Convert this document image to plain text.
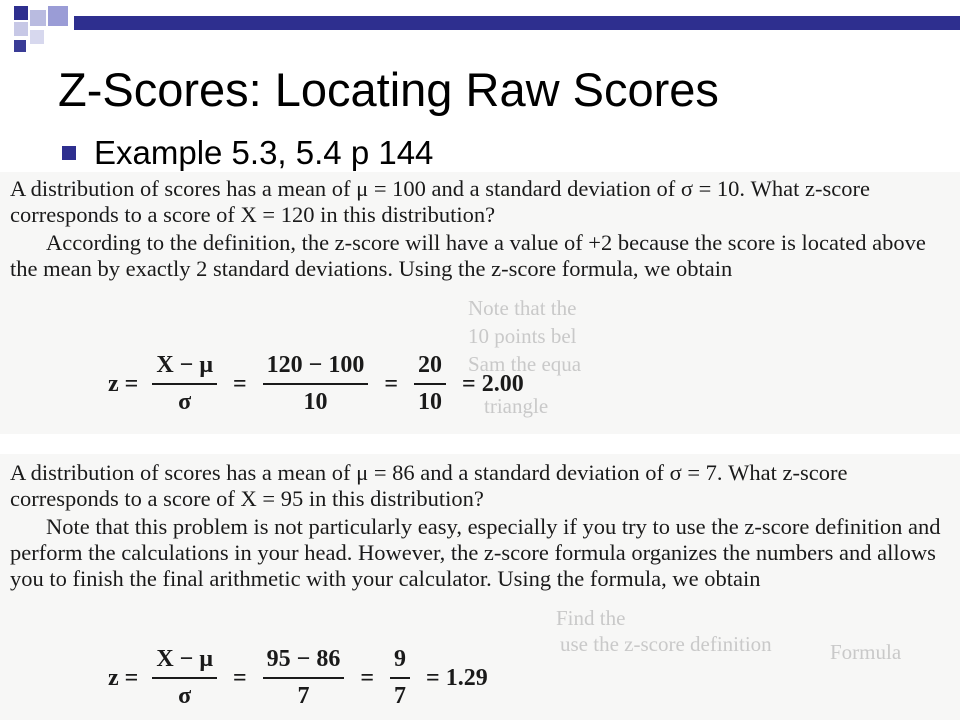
Z-Scores: Locating Raw Scores
Example 5.3, 5.4 p 144
Note that the
10 points bel
Sam the equa
triangle

A distribution of scores has a mean of μ = 100 and a standard deviation of σ = 10. What z-score corresponds to a score of X = 120 in this distribution?

According to the definition, the z-score will have a value of +2 because the score is located above the mean by exactly 2 standard deviations. Using the z-score formula, we obtain

$z = \frac{X - \mu}{\sigma} = \frac{120 - 100}{10} = \frac{20}{10} = 2.00$
Find the
use the z-score definition	Formula

A distribution of scores has a mean of μ = 86 and a standard deviation of σ = 7. What z-score corresponds to a score of X = 95 in this distribution?

Note that this problem is not particularly easy, especially if you try to use the z-score definition and perform the calculations in your head. However, the z-score formula organizes the numbers and allows you to finish the final arithmetic with your calculator. Using the formula, we obtain

$z = \frac{X - \mu}{\sigma} = \frac{95 - 86}{7} = \frac{9}{7} = 1.29$
